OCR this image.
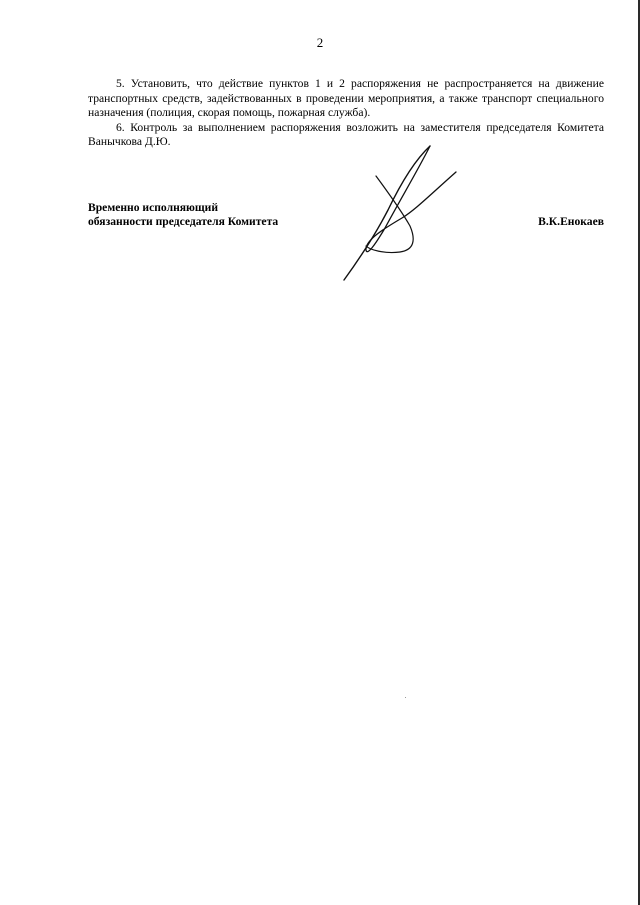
2

5. Установить, что действие пунктов 1 и 2 распоряжения не распространяется на движение транспортных средств, задействованных в проведении мероприятия, а также транспорт специального назначения (полиция, скорая помощь, пожарная служба).

6. Контроль за выполнением распоряжения возложить на заместителя председателя Комитета Ванычкова Д.Ю.

Временно исполняющий
обязанности председателя Комитета	В.К.Енокаев
